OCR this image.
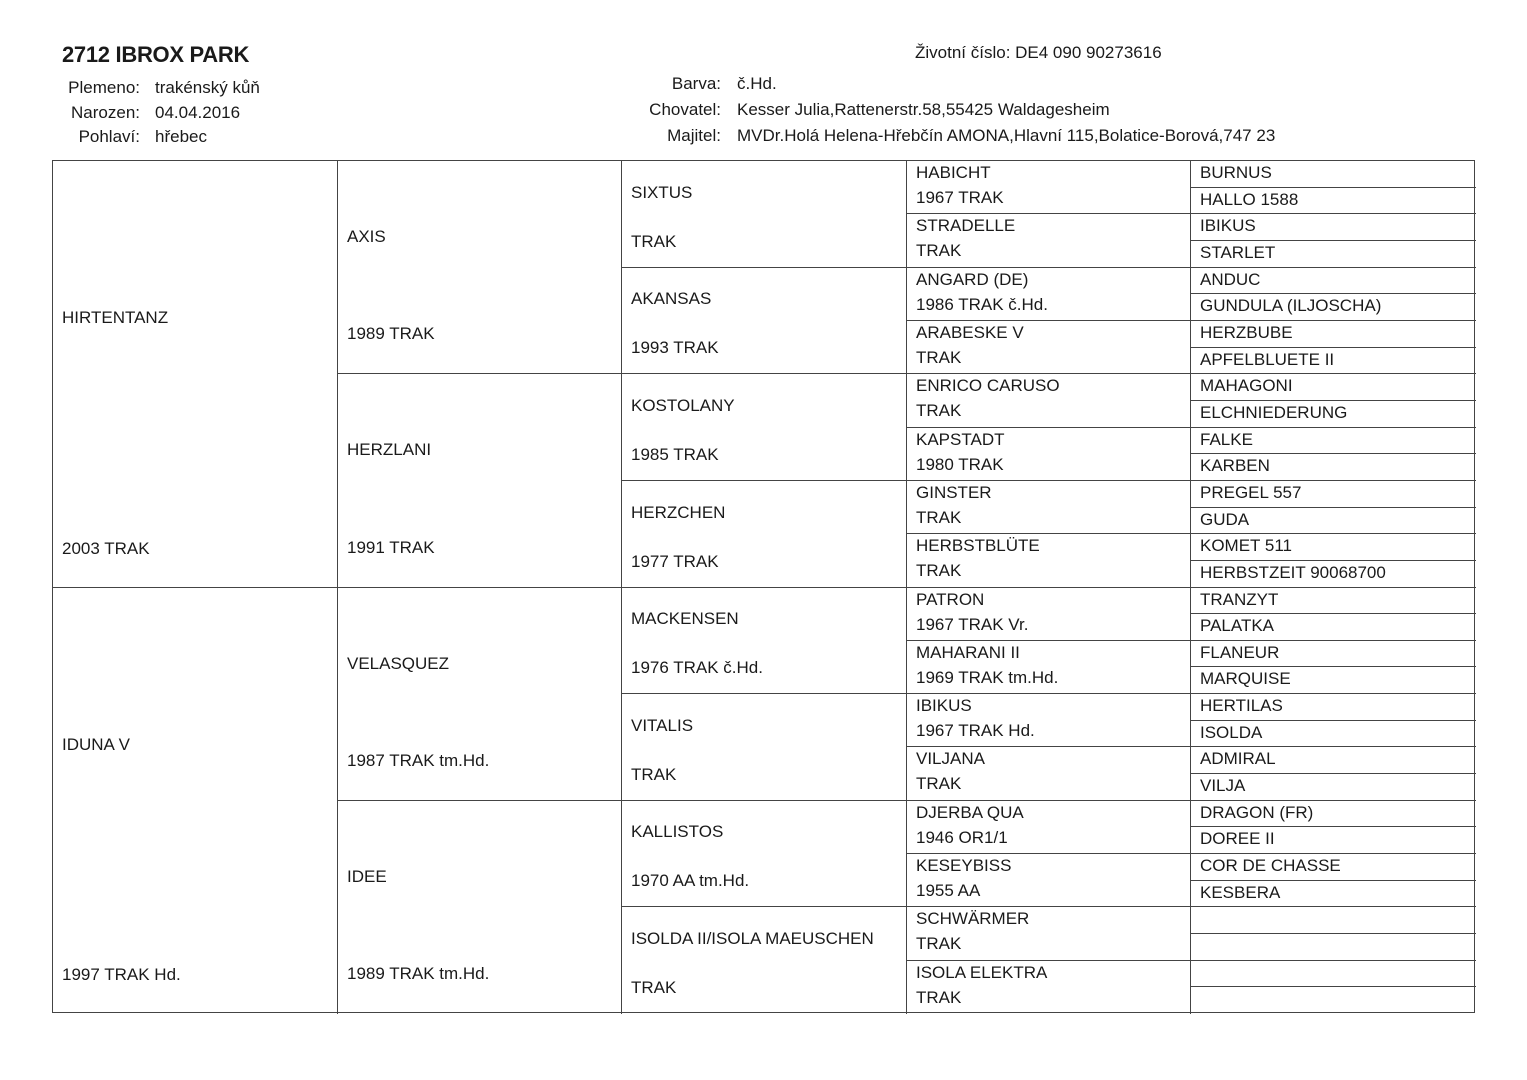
2712 IBROX PARK	Životní číslo: DE4 090 90273616
Plemeno: trakénský kůň
Narozen: 04.04.2016
Pohlaví: hřebec
Barva: č.Hd.
Chovatel: Kesser Julia,Rattenerstr.58,55425 Waldagesheim
Majitel: MVDr.Holá Helena-Hřebčín AMONA,Hlavní 115,Bolatice-Borová,747 23
HIRTENTANZ
2003 TRAK
IDUNA V
1997 TRAK Hd.
AXIS
1989 TRAK
HERZLANI
1991 TRAK
VELASQUEZ
1987 TRAK tm.Hd.
IDEE
1989 TRAK tm.Hd.
SIXTUS
TRAK
AKANSAS
1993 TRAK
KOSTOLANY
1985 TRAK
HERZCHEN
1977 TRAK
MACKENSEN
1976 TRAK č.Hd.
VITALIS
TRAK
KALLISTOS
1970 AA tm.Hd.
ISOLDA II/ISOLA MAEUSCHEN
TRAK
HABICHT
1967 TRAK
STRADELLE
TRAK
ANGARD (DE)
1986 TRAK č.Hd.
ARABESKE V
TRAK
ENRICO CARUSO
TRAK
KAPSTADT
1980 TRAK
GINSTER
TRAK
HERBSTBLÜTE
TRAK
PATRON
1967 TRAK Vr.
MAHARANI II
1969 TRAK tm.Hd.
IBIKUS
1967 TRAK Hd.
VILJANA
TRAK
DJERBA QUA
1946 OR1/1
KESEYBISS
1955 AA
SCHWÄRMER
TRAK
ISOLA ELEKTRA
TRAK
BURNUS
HALLO 1588
IBIKUS
STARLET
ANDUC
GUNDULA (ILJOSCHA)
HERZBUBE
APFELBLUETE II
MAHAGONI
ELCHNIEDERUNG
FALKE
KARBEN
PREGEL 557
GUDA
KOMET 511
HERBSTZEIT 90068700
TRANZYT
PALATKA
FLANEUR
MARQUISE
HERTILAS
ISOLDA
ADMIRAL
VILJA
DRAGON (FR)
DOREE II
COR DE CHASSE
KESBERA
